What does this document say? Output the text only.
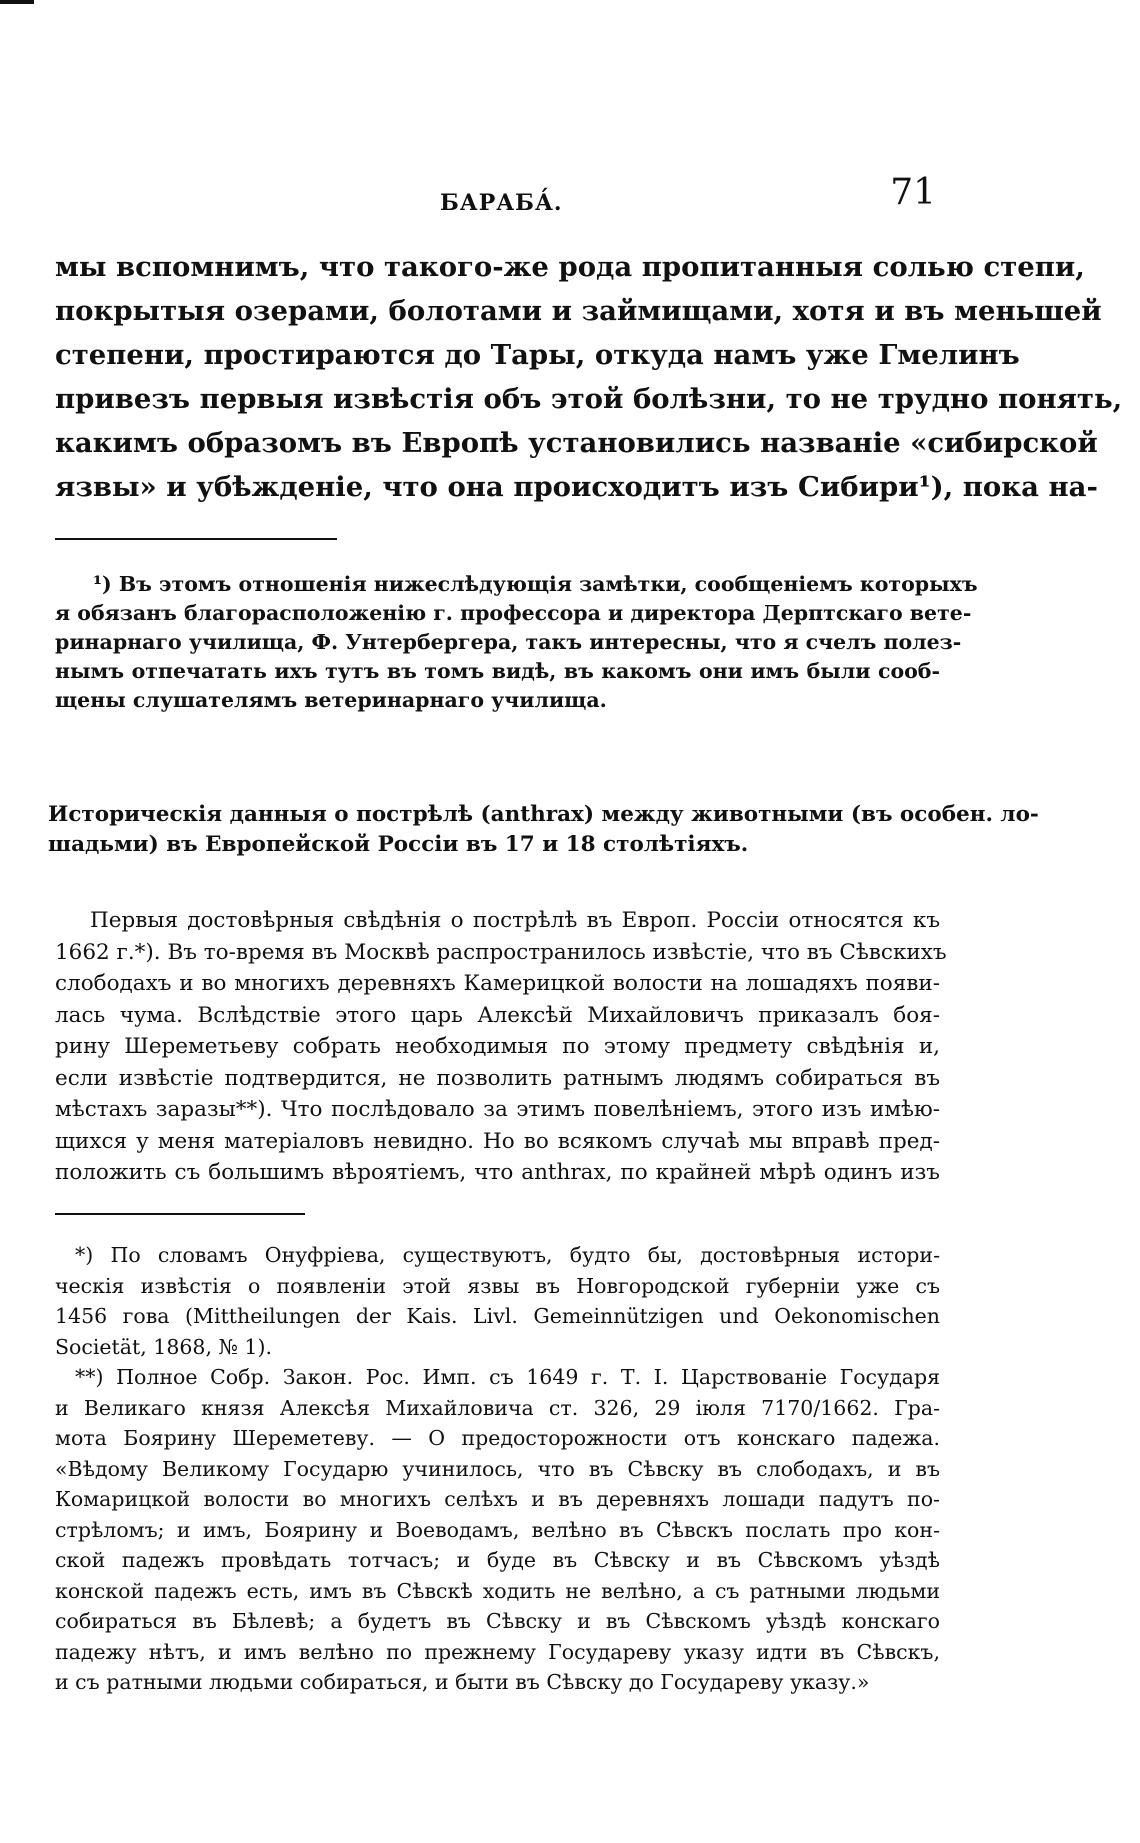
БАРАБА́.	71
мы вспомнимъ, что такого-же рода пропитанныя солью степи,
покрытыя озерами, болотами и займищами, хотя и въ меньшей
степени, простираются до Тары, откуда намъ уже Гмелинъ
привезъ первыя извѣстія объ этой болѣзни, то не трудно понять,
какимъ образомъ въ Европѣ установились названіе «сибирской
язвы» и убѣжденіе, что она происходитъ изъ Сибири¹), пока на-
¹) Въ этомъ отношенія нижеслѣдующія замѣтки, сообщеніемъ которыхъ
я обязанъ благорасположенію г. профессора и директора Дерптскаго вете-
ринарнаго училища, Ф. Унтербергера, такъ интересны, что я счелъ полез-
нымъ отпечатать ихъ тутъ въ томъ видѣ, въ какомъ они имъ были сооб-
щены слушателямъ ветеринарнаго училища.
Историческія данныя о пострѣлѣ (anthrax) между животными (въ особен. ло-
шадьми) въ Европейской Россіи въ 17 и 18 столѣтіяхъ.
Первыя достовѣрныя свѣдѣнія о пострѣлѣ въ Европ. Россіи относятся къ
1662 г.*). Въ то-время въ Москвѣ распространилось извѣстіе, что въ Сѣвскихъ
слободахъ и во многихъ деревняхъ Камерицкой волости на лошадяхъ появи-
лась чума. Вслѣдствіе этого царь Алексѣй Михайловичъ приказалъ боя-
рину Шереметьеву собрать необходимыя по этому предмету свѣдѣнія и,
если извѣстіе подтвердится, не позволить ратнымъ людямъ собираться въ
мѣстахъ заразы**). Что послѣдовало за этимъ повелѣніемъ, этого изъ имѣю-
щихся у меня матеріаловъ невидно. Но во всякомъ случаѣ мы вправѣ пред-
положить съ большимъ вѣроятіемъ, что anthrax, по крайней мѣрѣ одинъ изъ
*) По словамъ Онуфріева, существуютъ, будто бы, достовѣрныя истори-
ческія извѣстія о появленіи этой язвы въ Новгородской губерніи уже съ
1456 гова (Mittheilungen der Kais. Livl. Gemeinnützigen und Oekonomischen
Societät, 1868, № 1).
**) Полное Собр. Закон. Рос. Имп. съ 1649 г. Т. I. Царствованіе Государя
и Великаго князя Алексѣя Михайловича ст. 326, 29 іюля 7170/1662. Гра-
мота Боярину Шереметеву. — О предосторожности отъ конскаго падежа.
«Вѣдому Великому Государю учинилось, что въ Сѣвску въ слободахъ, и въ
Комарицкой волости во многихъ селѣхъ и въ деревняхъ лошади падутъ по-
стрѣломъ; и имъ, Боярину и Воеводамъ, велѣно въ Сѣвскъ послать про кон-
ской падежъ провѣдать тотчасъ; и буде въ Сѣвску и въ Сѣвскомъ уѣздѣ
конской падежъ есть, имъ въ Сѣвскѣ ходить не велѣно, а съ ратными людьми
собираться въ Бѣлевѣ; а будетъ въ Сѣвску и въ Сѣвскомъ уѣздѣ конскаго
падежу нѣтъ, и имъ велѣно по прежнему Государеву указу идти въ Сѣвскъ,
и съ ратными людьми собираться, и быти въ Сѣвску до Государеву указу.»
